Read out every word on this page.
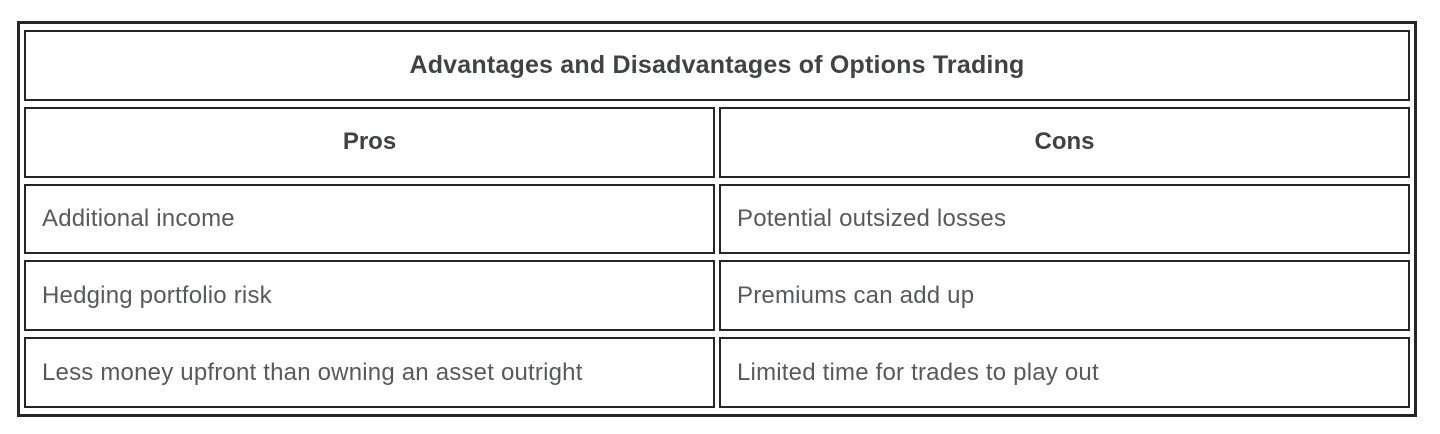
Advantages and Disadvantages of Options Trading	
Pros	Cons
Additional income	Potential outsized losses
Hedging portfolio risk	Premiums can add up
Less money upfront than owning an asset outright	Limited time for trades to play out
